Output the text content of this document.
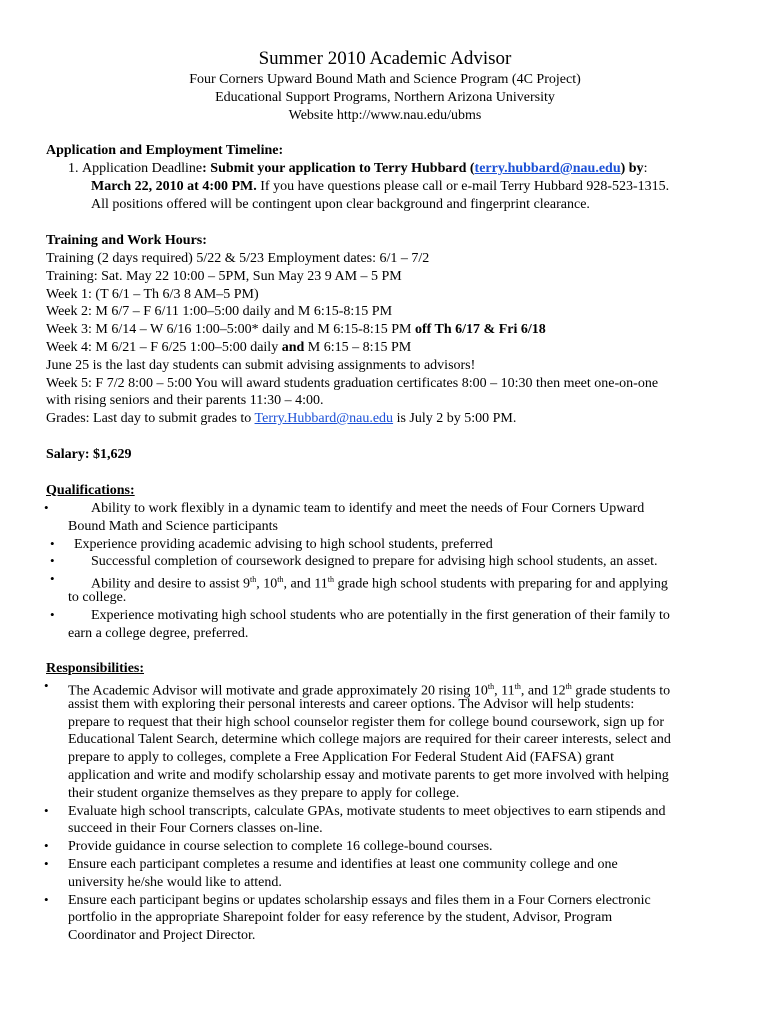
Summer 2010 Academic Advisor
Four Corners Upward Bound Math and Science Program (4C Project)
Educational Support Programs, Northern Arizona University
Website http://www.nau.edu/ubms
Application and Employment Timeline:
1. Application Deadline: Submit your application to Terry Hubbard (terry.hubbard@nau.edu) by:
March 22, 2010 at 4:00 PM. If you have questions please call or e-mail Terry Hubbard 928-523-1315.
All positions offered will be contingent upon clear background and fingerprint clearance.
Training and Work Hours:
Training (2 days required) 5/22 & 5/23 Employment dates: 6/1 – 7/2
Training: Sat. May 22 10:00 – 5PM, Sun May 23 9 AM – 5 PM
Week 1: (T 6/1 – Th 6/3 8 AM–5 PM)
Week 2: M 6/7 – F 6/11 1:00–5:00 daily and M 6:15-8:15 PM
Week 3: M 6/14 – W 6/16 1:00–5:00* daily and M 6:15-8:15 PM off Th 6/17 & Fri 6/18
Week 4: M 6/21 – F 6/25 1:00–5:00 daily and M 6:15 – 8:15 PM
June 25 is the last day students can submit advising assignments to advisors!
Week 5: F 7/2 8:00 – 5:00 You will award students graduation certificates 8:00 – 10:30 then meet one-on-one
with rising seniors and their parents 11:30 – 4:00.
Grades: Last day to submit grades to Terry.Hubbard@nau.edu is July 2 by 5:00 PM.
Salary: $1,629
Qualifications:
•	Ability to work flexibly in a dynamic team to identify and meet the needs of Four Corners Upward
Bound Math and Science participants
• Experience providing academic advising to high school students, preferred
•	Successful completion of coursework designed to prepare for advising high school students, an asset.
•	Ability and desire to assist 9th, 10th, and 11th grade high school students with preparing for and applying
to college.
•	Experience motivating high school students who are potentially in the first generation of their family to
earn a college degree, preferred.
Responsibilities:
• The Academic Advisor will motivate and grade approximately 20 rising 10th, 11th, and 12th grade students to
assist them with exploring their personal interests and career options. The Advisor will help students:
prepare to request that their high school counselor register them for college bound coursework, sign up for
Educational Talent Search, determine which college majors are required for their career interests, select and
prepare to apply to colleges, complete a Free Application For Federal Student Aid (FAFSA) grant
application and write and modify scholarship essay and motivate parents to get more involved with helping
their student organize themselves as they prepare to apply for college.
• Evaluate high school transcripts, calculate GPAs, motivate students to meet objectives to earn stipends and
succeed in their Four Corners classes on-line.
• Provide guidance in course selection to complete 16 college-bound courses.
• Ensure each participant completes a resume and identifies at least one community college and one
university he/she would like to attend.
• Ensure each participant begins or updates scholarship essays and files them in a Four Corners electronic
portfolio in the appropriate Sharepoint folder for easy reference by the student, Advisor, Program
Coordinator and Project Director.
